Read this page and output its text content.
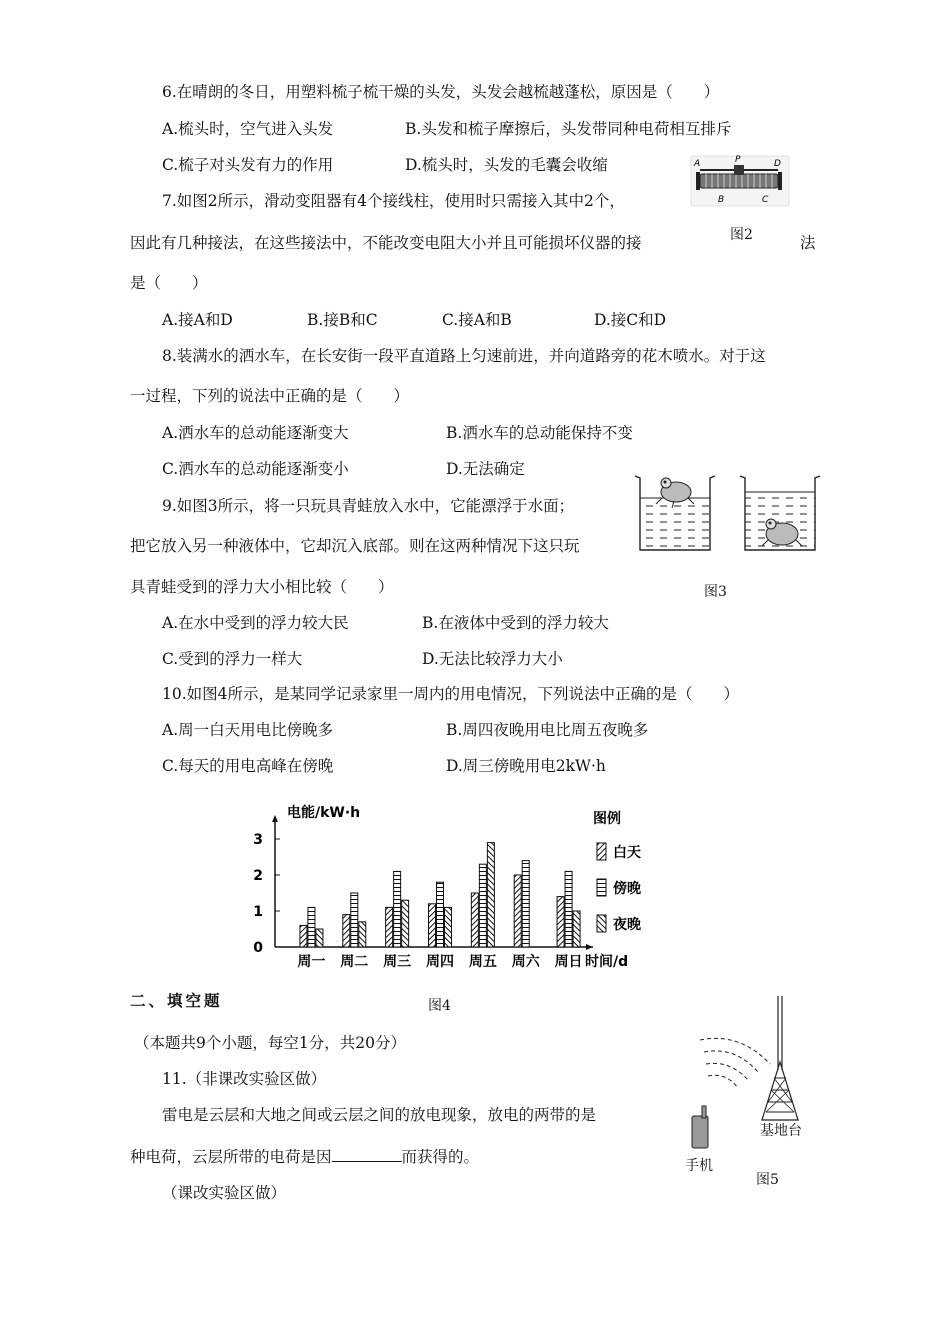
6.在晴朗的冬日，用塑料梳子梳干燥的头发，头发会越梳越蓬松，原因是（　　）
A.梳头时，空气进入头发	B.头发和梳子摩擦后，头发带同种电荷相互排斥
C.梳子对头发有力的作用	D.梳头时，头发的毛囊会收缩	A	P	D
B	C
图2
7.如图2所示，滑动变阻器有4个接线柱，使用时只需接入其中2个，
因此有几种接法，在这些接法中，不能改变电阻大小并且可能损坏仪器的接	法
是（　　）
A.接A和D	B.接B和C	C.接A和B	D.接C和D
8.装满水的洒水车，在长安街一段平直道路上匀速前进，并向道路旁的花木喷水。对于这
一过程，下列的说法中正确的是（　　）
A.洒水车的总动能逐渐变大	B.洒水车的总动能保持不变
C.洒水车的总动能逐渐变小	D.无法确定
图3
9.如图3所示，将一只玩具青蛙放入水中，它能漂浮于水面；
把它放入另一种液体中，它却沉入底部。则在这两种情况下这只玩
具青蛙受到的浮力大小相比较（　　）
A.在水中受到的浮力较大民	B.在液体中受到的浮力较大
C.受到的浮力一样大	D.无法比较浮力大小
10.如图4所示，是某同学记录家里一周内的用电情况，下列说法中正确的是（　　）
A.周一白天用电比傍晚多	B.周四夜晚用电比周五夜晚多
C.每天的用电高峰在傍晚	D.周三傍晚用电2kW·h
0
1
2
3
电能/kW·h
周一 周二 周三 周四 周五 周六 周日 时间/d
图例
白天
傍晚
夜晚
图4
二、填空题
（本题共9个小题，每空1分，共20分）
11.（非课改实验区做）
雷电是云层和大地之间或云层之间的放电现象，放电的两带的是
种电荷，云层所带的电荷是因	而获得的。
（课改实验区做）
基地台
手机
图5
